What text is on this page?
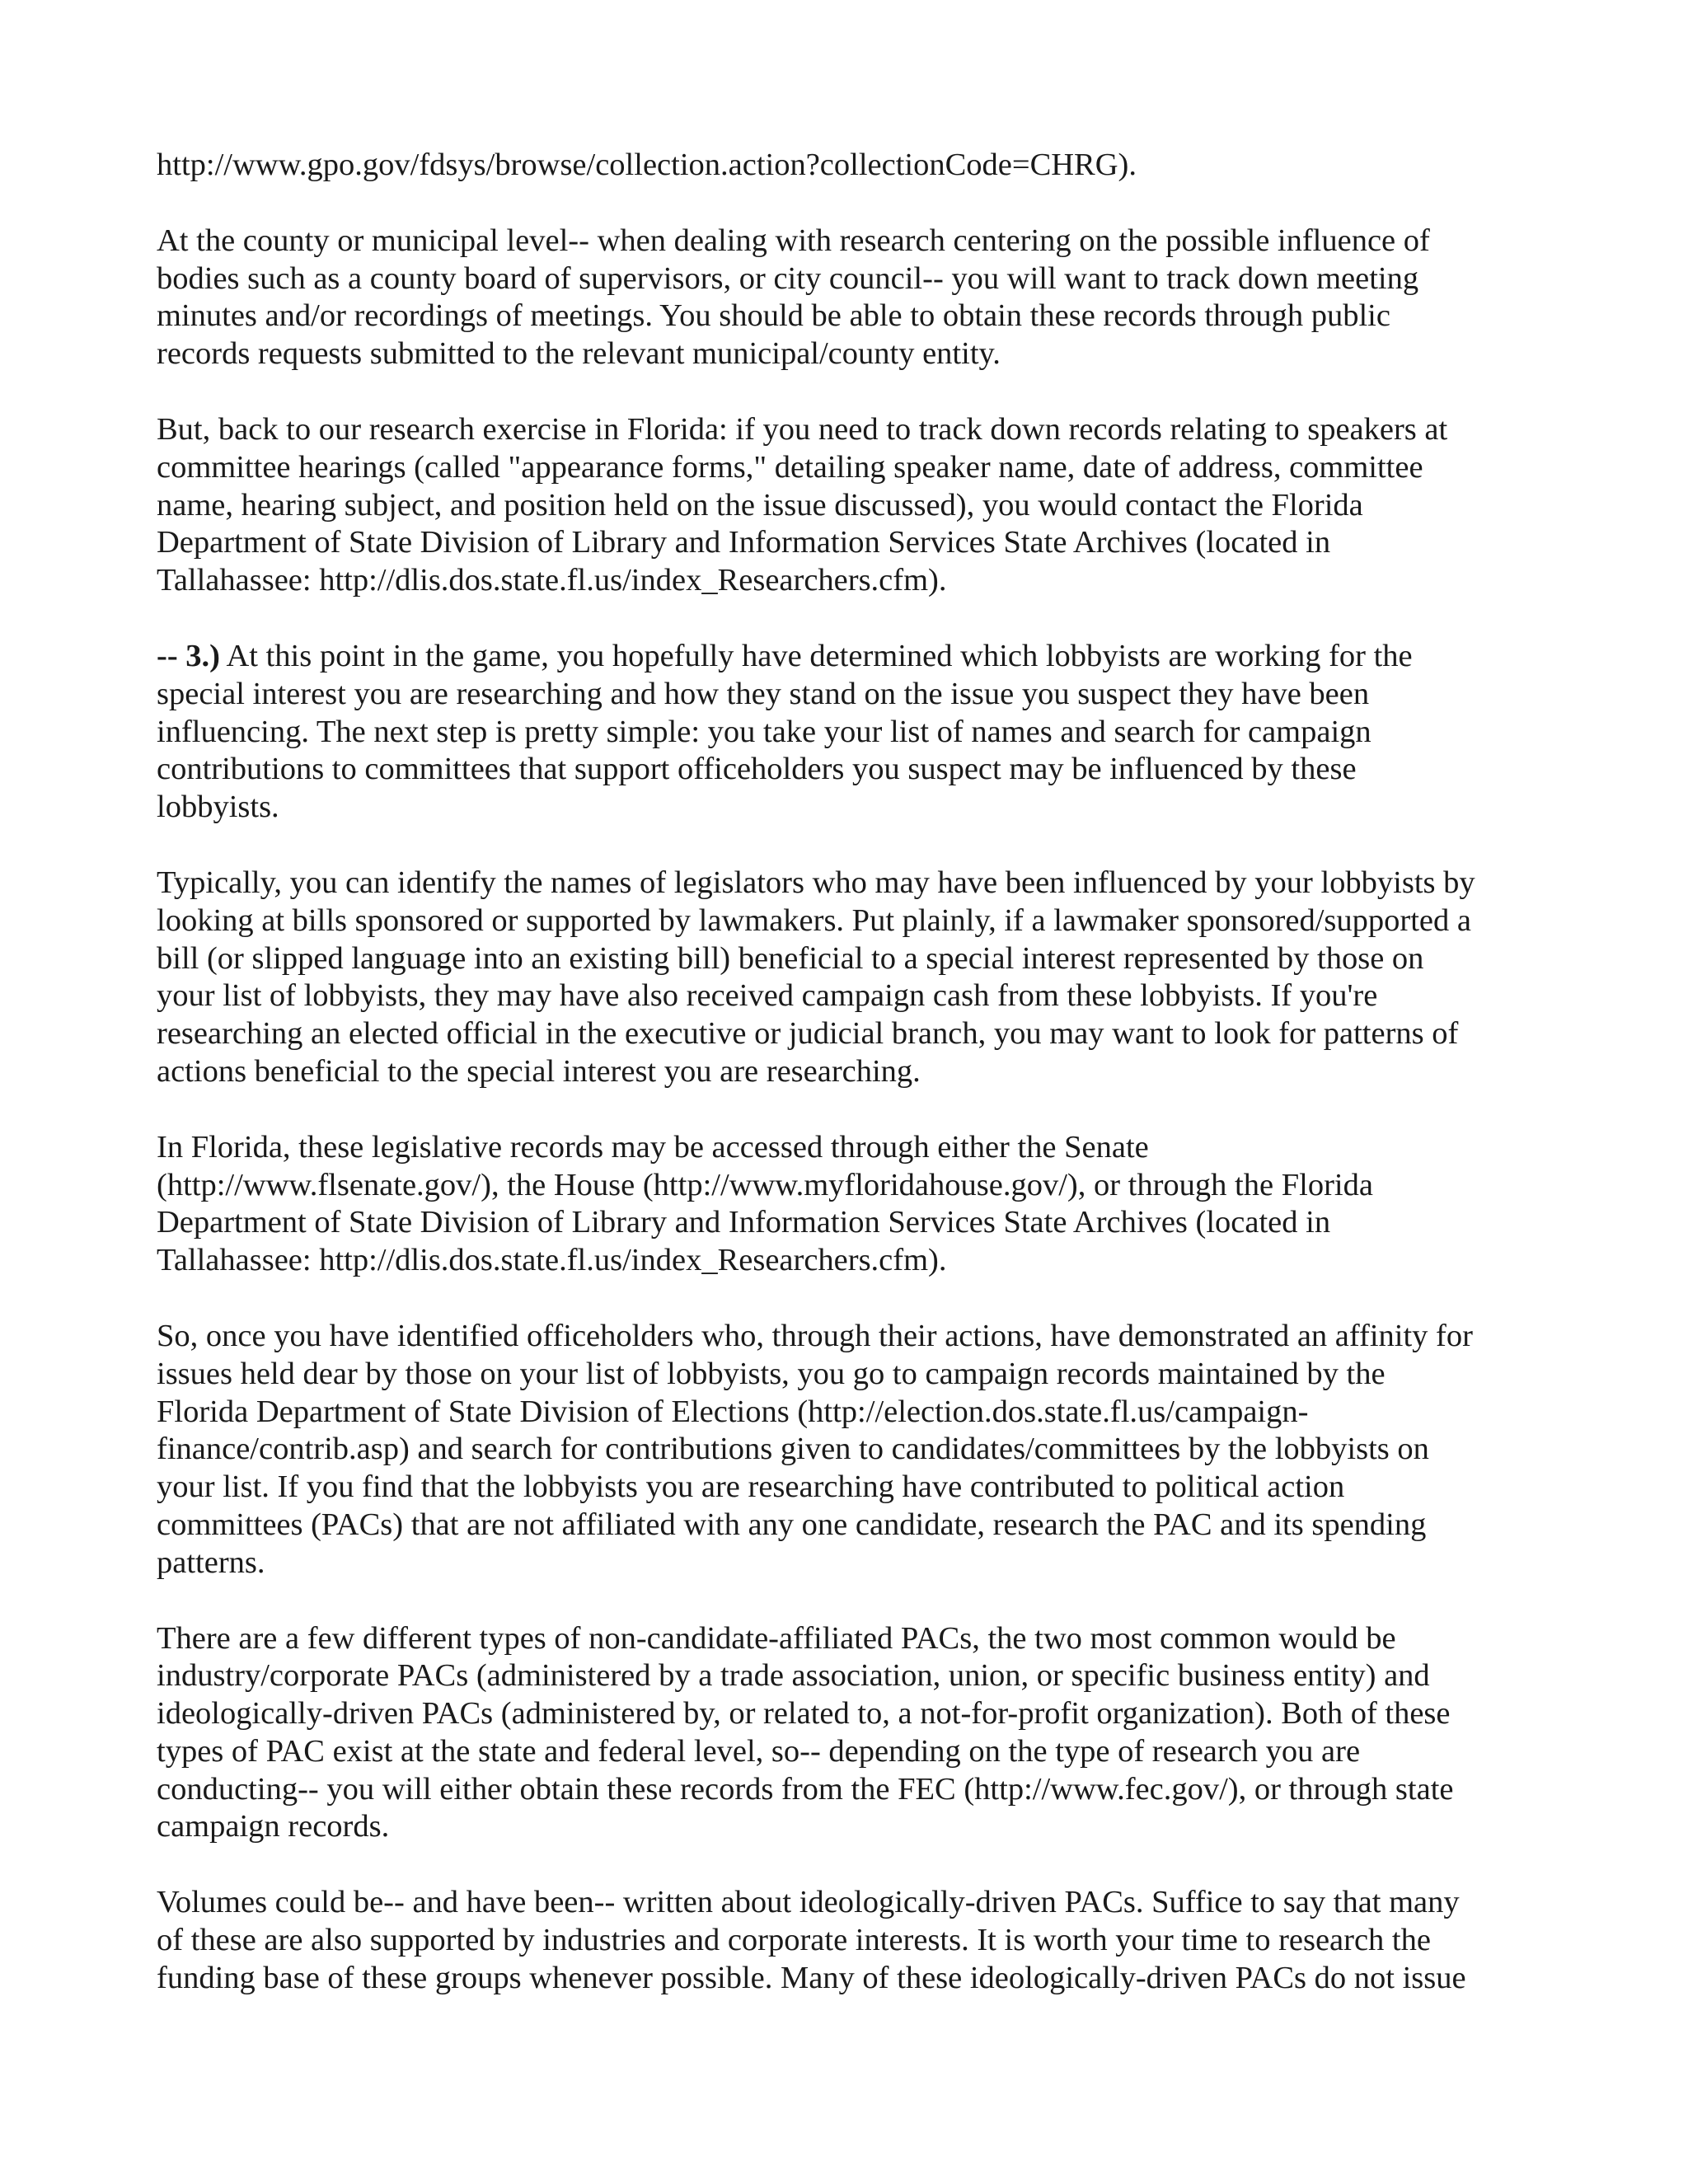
http://www.gpo.gov/fdsys/browse/collection.action?collectionCode=CHRG).

At the county or municipal level-- when dealing with research centering on the possible influence of
bodies such as a county board of supervisors, or city council-- you will want to track down meeting
minutes and/or recordings of meetings. You should be able to obtain these records through public
records requests submitted to the relevant municipal/county entity.

But, back to our research exercise in Florida: if you need to track down records relating to speakers at
committee hearings (called "appearance forms," detailing speaker name, date of address, committee
name, hearing subject, and position held on the issue discussed), you would contact the Florida
Department of State Division of Library and Information Services State Archives (located in
Tallahassee: http://dlis.dos.state.fl.us/index_Researchers.cfm).

-- 3.) At this point in the game, you hopefully have determined which lobbyists are working for the
special interest you are researching and how they stand on the issue you suspect they have been
influencing. The next step is pretty simple: you take your list of names and search for campaign
contributions to committees that support officeholders you suspect may be influenced by these
lobbyists.

Typically, you can identify the names of legislators who may have been influenced by your lobbyists by
looking at bills sponsored or supported by lawmakers. Put plainly, if a lawmaker sponsored/supported a
bill (or slipped language into an existing bill) beneficial to a special interest represented by those on
your list of lobbyists, they may have also received campaign cash from these lobbyists. If you're
researching an elected official in the executive or judicial branch, you may want to look for patterns of
actions beneficial to the special interest you are researching.

In Florida, these legislative records may be accessed through either the Senate
(http://www.flsenate.gov/), the House (http://www.myfloridahouse.gov/), or through the Florida
Department of State Division of Library and Information Services State Archives (located in
Tallahassee: http://dlis.dos.state.fl.us/index_Researchers.cfm).

So, once you have identified officeholders who, through their actions, have demonstrated an affinity for
issues held dear by those on your list of lobbyists, you go to campaign records maintained by the
Florida Department of State Division of Elections (http://election.dos.state.fl.us/campaign-
finance/contrib.asp) and search for contributions given to candidates/committees by the lobbyists on
your list. If you find that the lobbyists you are researching have contributed to political action
committees (PACs) that are not affiliated with any one candidate, research the PAC and its spending
patterns.

There are a few different types of non-candidate-affiliated PACs, the two most common would be
industry/corporate PACs (administered by a trade association, union, or specific business entity) and
ideologically-driven PACs (administered by, or related to, a not-for-profit organization). Both of these
types of PAC exist at the state and federal level, so-- depending on the type of research you are
conducting-- you will either obtain these records from the FEC (http://www.fec.gov/), or through state
campaign records.

Volumes could be-- and have been-- written about ideologically-driven PACs. Suffice to say that many
of these are also supported by industries and corporate interests. It is worth your time to research the
funding base of these groups whenever possible. Many of these ideologically-driven PACs do not issue
